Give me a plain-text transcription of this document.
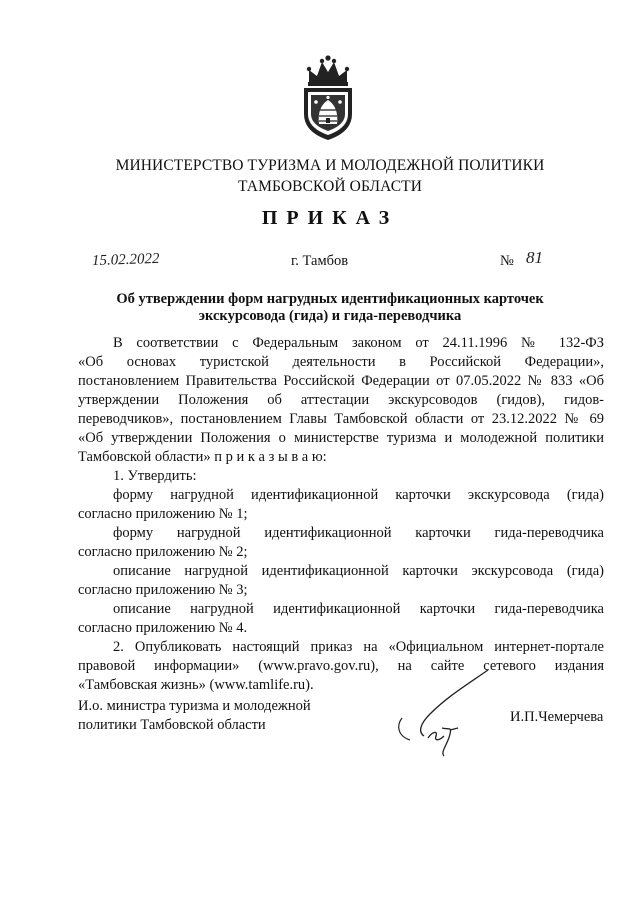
МИНИСТЕРСТВО ТУРИЗМА И МОЛОДЕЖНОЙ ПОЛИТИКИ
ТАМБОВСКОЙ ОБЛАСТИ
ПРИКАЗ
15.02.2022	г. Тамбов	№ 81
Об утверждении форм нагрудных идентификационных карточек
экскурсовода (гида) и гида-переводчика
В соответствии с Федеральным законом от 24.11.1996 № 132-ФЗ
«Об основах туристской деятельности в Российской Федерации»,
постановлением Правительства Российской Федерации от 07.05.2022 № 833 «Об
утверждении Положения об аттестации экскурсоводов (гидов), гидов-
переводчиков», постановлением Главы Тамбовской области от 23.12.2022 № 69
«Об утверждении Положения о министерстве туризма и молодежной политики
Тамбовской области» п р и к а з ы в а ю:
1. Утвердить:
форму нагрудной идентификационной карточки экскурсовода (гида)
согласно приложению № 1;
форму нагрудной идентификационной карточки гида-переводчика
согласно приложению № 2;
описание нагрудной идентификационной карточки экскурсовода (гида)
согласно приложению № 3;
описание нагрудной идентификационной карточки гида-переводчика
согласно приложению № 4.
2. Опубликовать настоящий приказ на «Официальном интернет-портале
правовой информации» (www.pravo.gov.ru), на сайте сетевого издания
«Тамбовская жизнь» (www.tamlife.ru).
И.о. министра туризма и молодежной
политики Тамбовской области	И.П.Чемерчева
